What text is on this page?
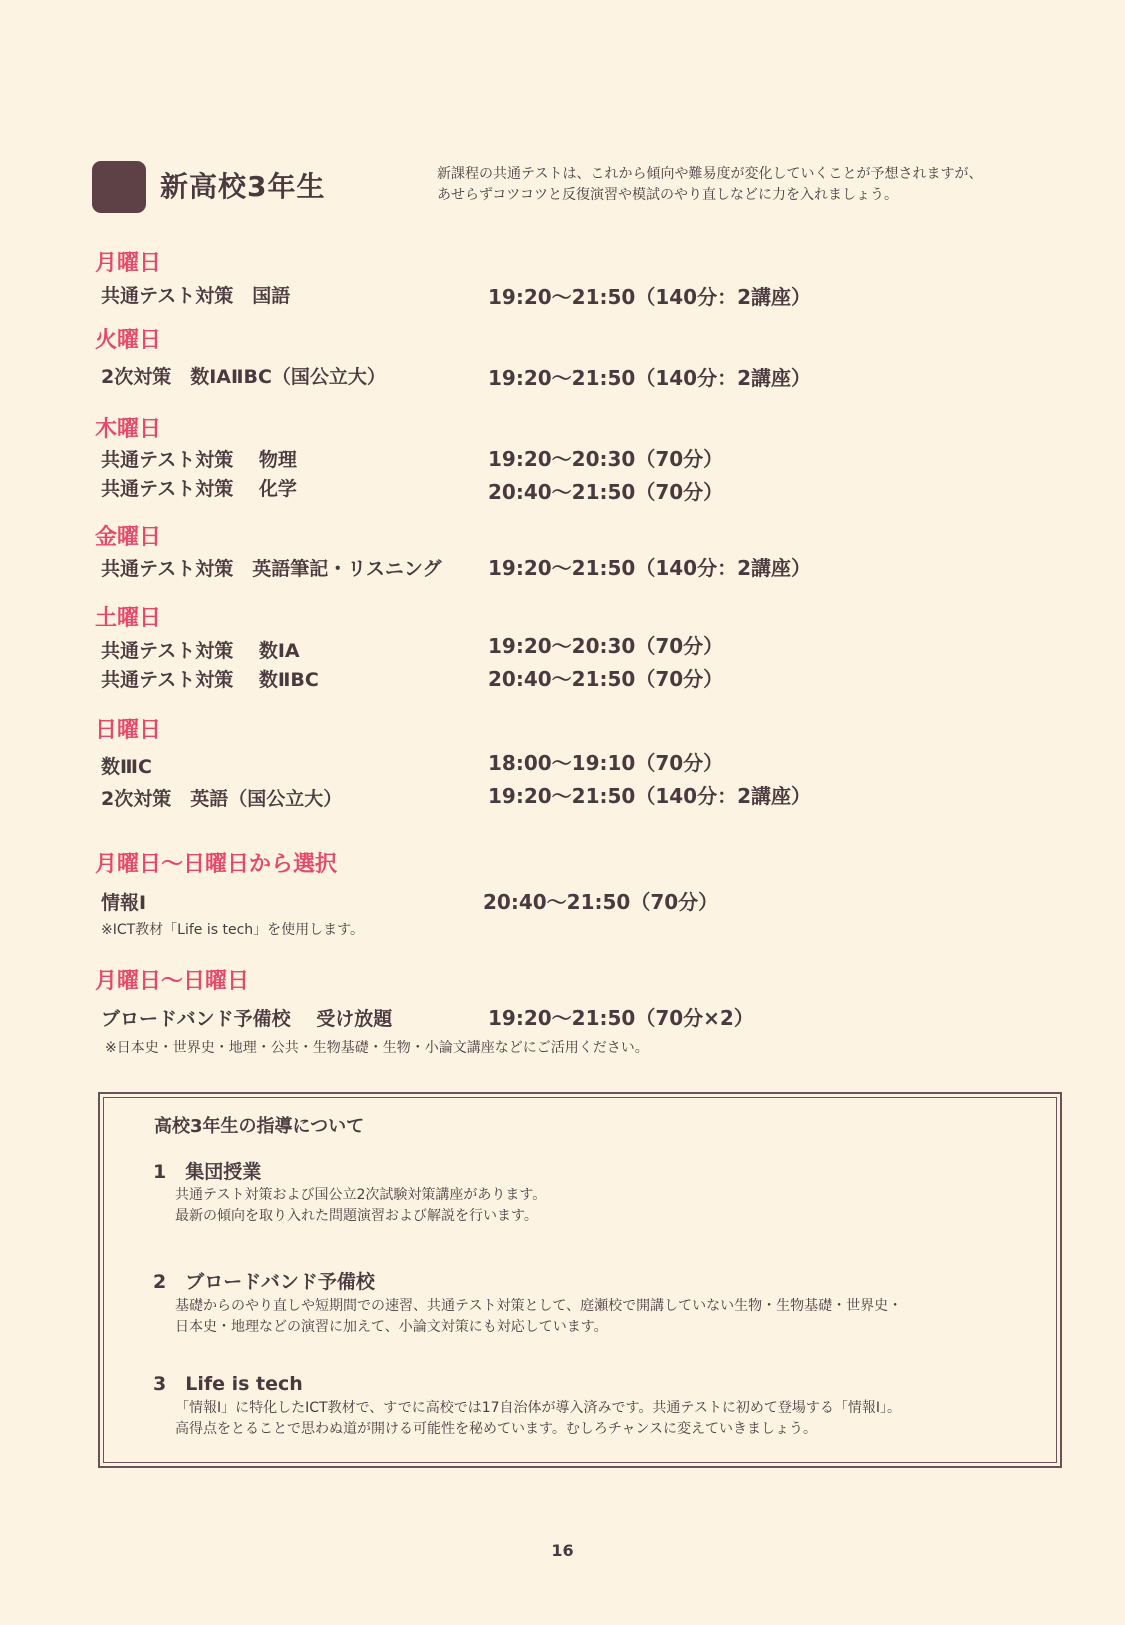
新高校3年生	新課程の共通テストは、これから傾向や難易度が変化していくことが予想されますが、
あせらずコツコツと反復演習や模試のやり直しなどに力を入れましょう。
月曜日
共通テスト対策　国語	19:20〜21:50（140分：2講座）
火曜日
2次対策　数ⅠAⅡBC（国公立大）	19:20〜21:50（140分：2講座）
木曜日
共通テスト対策　 物理	19:20〜20:30（70分）
共通テスト対策　 化学	20:40〜21:50（70分）
金曜日
共通テスト対策　英語筆記・リスニング 19:20〜21:50（140分：2講座）
土曜日
共通テスト対策　 数ⅠA	19:20〜20:30（70分）
共通テスト対策　 数ⅡBC	20:40〜21:50（70分）
日曜日
数ⅢC	18:00〜19:10（70分）
2次対策　英語（国公立大）	19:20〜21:50（140分：2講座）
月曜日〜日曜日から選択
情報Ⅰ	20:40〜21:50（70分）
※ICT教材「Life is tech」を使用します。
月曜日〜日曜日
ブロードバンド予備校　 受け放題	19:20〜21:50（70分×2）
※日本史・世界史・地理・公共・生物基礎・生物・小論文講座などにご活用ください。
高校3年生の指導について
1　集団授業
共通テスト対策および国公立2次試験対策講座があります。
最新の傾向を取り入れた問題演習および解説を行います。
2　ブロードバンド予備校
基礎からのやり直しや短期間での速習、共通テスト対策として、庭瀬校で開講していない生物・生物基礎・世界史・
日本史・地理などの演習に加えて、小論文対策にも対応しています。
3　Life is tech
「情報Ⅰ」に特化したICT教材で、すでに高校では17自治体が導入済みです。共通テストに初めて登場する「情報Ⅰ」。
高得点をとることで思わぬ道が開ける可能性を秘めています。むしろチャンスに変えていきましょう。
16
